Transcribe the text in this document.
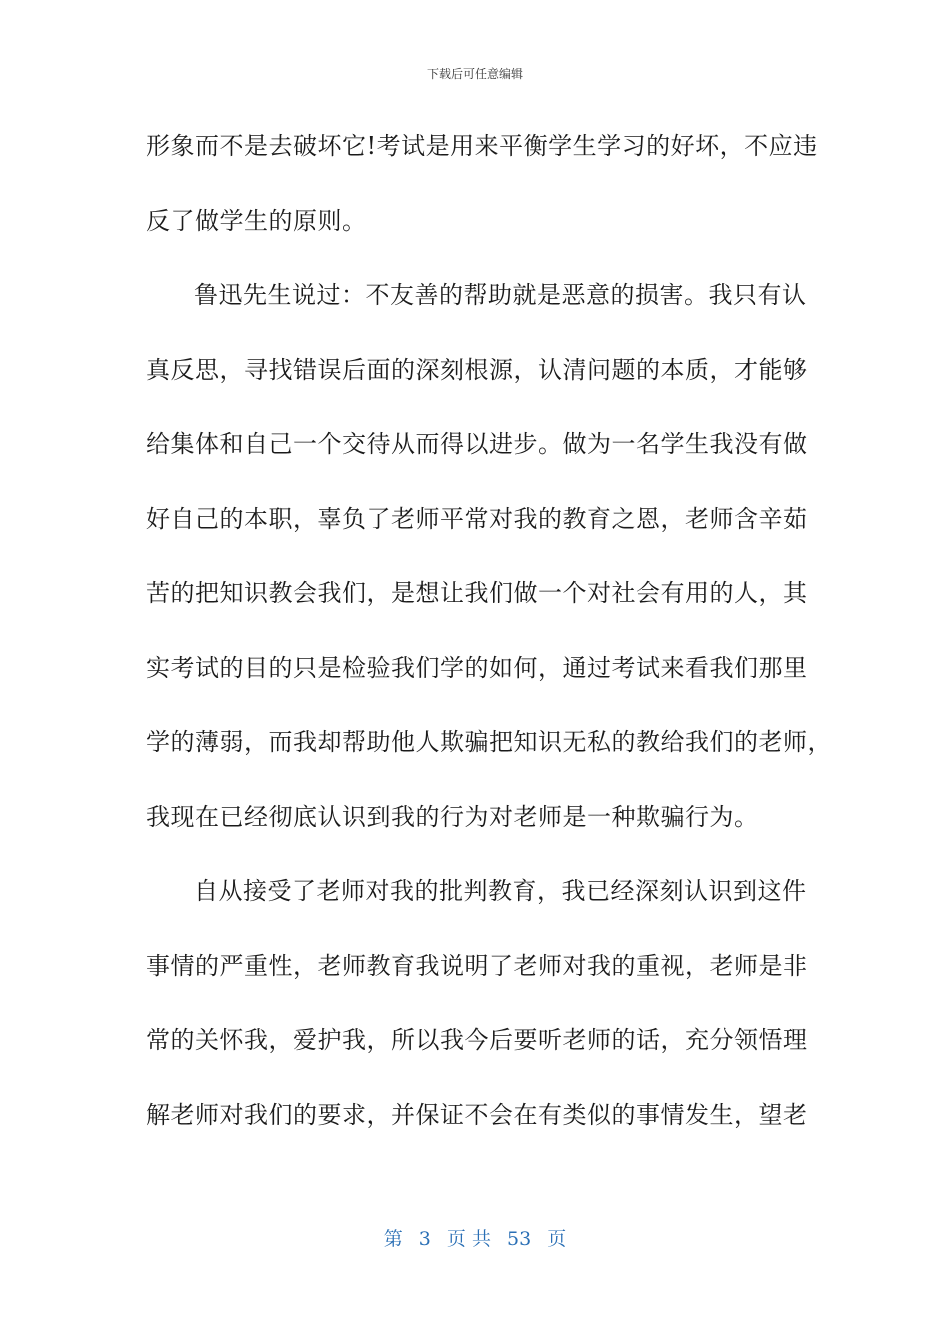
下载后可任意编辑
形象而不是去破坏它!考试是用来平衡学生学习的好坏，不应违
反了做学生的原则。
鲁迅先生说过：不友善的帮助就是恶意的损害。我只有认
真反思，寻找错误后面的深刻根源，认清问题的本质，才能够
给集体和自己一个交待从而得以进步。做为一名学生我没有做
好自己的本职，辜负了老师平常对我的教育之恩，老师含辛茹
苦的把知识教会我们，是想让我们做一个对社会有用的人，其
实考试的目的只是检验我们学的如何，通过考试来看我们那里
学的薄弱，而我却帮助他人欺骗把知识无私的教给我们的老师，
我现在已经彻底认识到我的行为对老师是一种欺骗行为。
自从接受了老师对我的批判教育，我已经深刻认识到这件
事情的严重性，老师教育我说明了老师对我的重视，老师是非
常的关怀我，爱护我，所以我今后要听老师的话，充分领悟理
解老师对我们的要求，并保证不会在有类似的事情发生，望老
第 3 页 共 53 页
